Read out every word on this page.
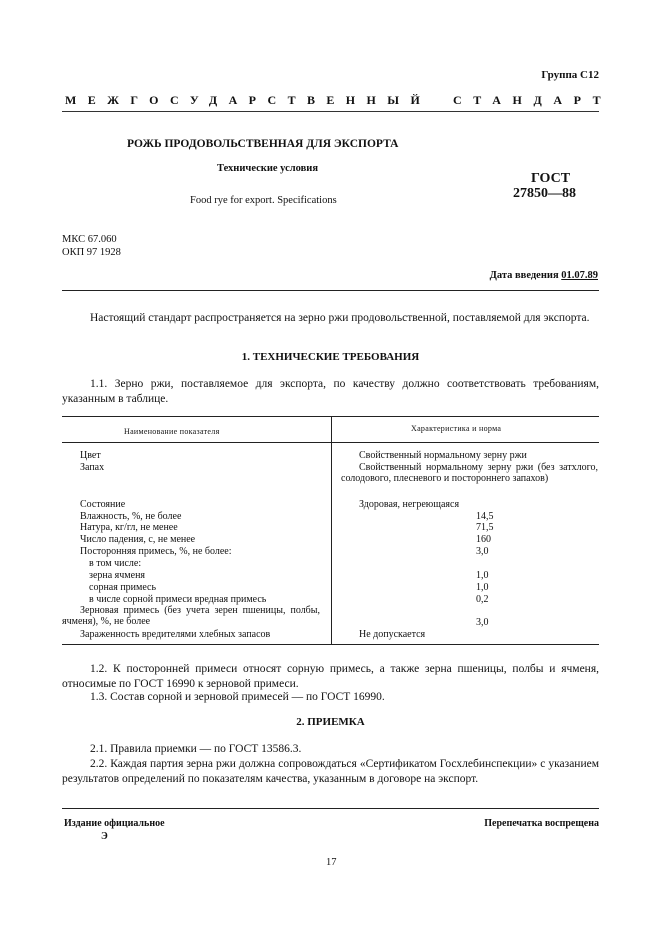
Группа С12
МЕЖГОСУДАРСТВЕННЫЙ СТАНДАРТ
РОЖЬ ПРОДОВОЛЬСТВЕННАЯ ДЛЯ ЭКСПОРТА
Технические условия
Food rye for export. Specifications
ГОСТ
27850—88
МКС 67.060
ОКП 97 1928
Дата введения 01.07.89
Настоящий стандарт распространяется на зерно ржи продовольственной, поставляемой для экспорта.
1. ТЕХНИЧЕСКИЕ ТРЕБОВАНИЯ
1.1. Зерно ржи, поставляемое для экспорта, по качеству должно соответствовать требованиям, указанным в таблице.
Наименование показателя	Характеристика и норма
Цвет	Свойственный нормальному зерну ржи
Запах	Свойственный нормальному зерну ржи (без затхлого, солодового, плесневого и постороннего запахов)
Состояние	Здоровая, негреющаяся
Влажность, %, не более	14,5
Натура, кг/гл, не менее	71,5
Число падения, с, не менее	160
Посторонняя примесь, %, не более:	3,0
в том числе:
зерна ячменя	1,0
сорная примесь	1,0
в числе сорной примеси вредная примесь	0,2
Зерновая примесь (без учета зерен пшеницы, полбы, ячменя), %, не более	3,0
Зараженность вредителями хлебных запасов	Не допускается
1.2. К посторонней примеси относят сорную примесь, а также зерна пшеницы, полбы и ячменя, относимые по ГОСТ 16990 к зерновой примеси.
1.3. Состав сорной и зерновой примесей — по ГОСТ 16990.
2. ПРИЕМКА
2.1. Правила приемки — по ГОСТ 13586.3.
2.2. Каждая партия зерна ржи должна сопровождаться «Сертификатом Госхлебинспекции» с указанием результатов определений по показателям качества, указанным в договоре на экспорт.
Издание официальное
Э
Перепечатка воспрещена
17
